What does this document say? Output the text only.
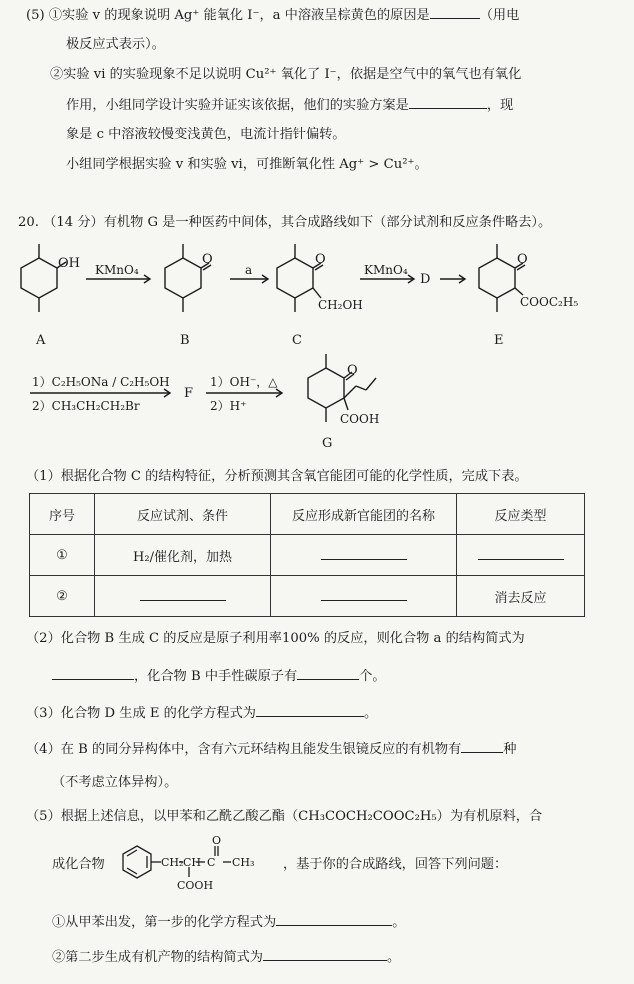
(5) ①实验 v 的现象说明 Ag⁺ 能氧化 I⁻，a 中溶液呈棕黄色的原因是	（用电
极反应式表示）。
②实验 vi 的实验现象不足以说明 Cu²⁺ 氧化了 I⁻，依据是空气中的氧气也有氧化
作用，小组同学设计实验并证实该依据，他们的实验方案是	，现
象是 c 中溶液较慢变浅黄色，电流计指针偏转。
小组同学根据实验 v 和实验 vi，可推断氧化性 Ag⁺ > Cu²⁺。
20. （14 分）有机物 G 是一种医药中间体，其合成路线如下（部分试剂和反应条件略去）。
OH
A
KMnO₄
O
B
a
O
CH₂OH
C
KMnO₄
D
O
COOC₂H₅
E
1）C₂H₅ONa / C₂H₅OH
2）CH₃CH₂CH₂Br
F
1）OH⁻，△
2）H⁺
O
COOH
G
（1）根据化合物 C 的结构特征，分析预测其含氧官能团可能的化学性质，完成下表。
序号	反应试剂、条件	反应形成新官能团的名称	反应类型
①	H₂/催化剂，加热		
②			消去反应
（2）化合物 B 生成 C 的反应是原子利用率100% 的反应，则化合物 a 的结构简式为
，化合物 B 中手性碳原子有	个。
（3）化合物 D 生成 E 的化学方程式为	。
（4）在 B 的同分异构体中，含有六元环结构且能发生银镜反应的有机物有	种
（不考虑立体异构）。
（5）根据上述信息，以甲苯和乙酰乙酸乙酯（CH₃COCH₂COOC₂H₅）为有机原料，合
成化合物	CH₂ CH C
O
CH₃
COOH
，基于你的合成路线，回答下列问题：
①从甲苯出发，第一步的化学方程式为	。
②第二步生成有机产物的结构简式为	。
